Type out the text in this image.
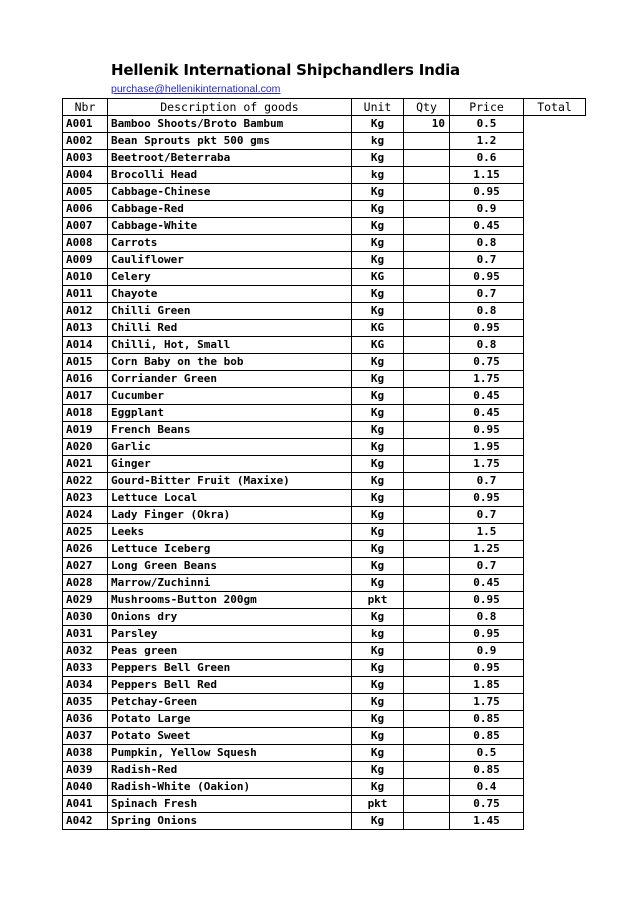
Hellenik International Shipchandlers India
purchase@hellenikinternational.com
Nbr	Description of goods	Unit	Qty	Price	Total
A001	Bamboo Shoots/Broto Bambum	Kg	10	0.5	
A002	Bean Sprouts pkt 500 gms	kg		1.2	
A003	Beetroot/Beterraba	Kg		0.6	
A004	Brocolli Head	kg		1.15	
A005	Cabbage-Chinese	Kg		0.95	
A006	Cabbage-Red	Kg		0.9	
A007	Cabbage-White	Kg		0.45	
A008	Carrots	Kg		0.8	
A009	Cauliflower	Kg		0.7	
A010	Celery	KG		0.95	
A011	Chayote	Kg		0.7	
A012	Chilli Green	Kg		0.8	
A013	Chilli Red	KG		0.95	
A014	Chilli, Hot, Small	KG		0.8	
A015	Corn Baby on the bob	Kg		0.75	
A016	Corriander Green	Kg		1.75	
A017	Cucumber	Kg		0.45	
A018	Eggplant	Kg		0.45	
A019	French Beans	Kg		0.95	
A020	Garlic	Kg		1.95	
A021	Ginger	Kg		1.75	
A022	Gourd-Bitter Fruit (Maxixe)	Kg		0.7	
A023	Lettuce Local	Kg		0.95	
A024	Lady Finger (Okra)	Kg		0.7	
A025	Leeks	Kg		1.5	
A026	Lettuce Iceberg	Kg		1.25	
A027	Long Green Beans	Kg		0.7	
A028	Marrow/Zuchinni	Kg		0.45	
A029	Mushrooms-Button 200gm	pkt		0.95	
A030	Onions dry	Kg		0.8	
A031	Parsley	kg		0.95	
A032	Peas green	Kg		0.9	
A033	Peppers Bell Green	Kg		0.95	
A034	Peppers Bell Red	Kg		1.85	
A035	Petchay-Green	Kg		1.75	
A036	Potato Large	Kg		0.85	
A037	Potato Sweet	Kg		0.85	
A038	Pumpkin, Yellow Squesh	Kg		0.5	
A039	Radish-Red	Kg		0.85	
A040	Radish-White (Oakion)	Kg		0.4	
A041	Spinach Fresh	pkt		0.75	
A042	Spring Onions	Kg		1.45	
